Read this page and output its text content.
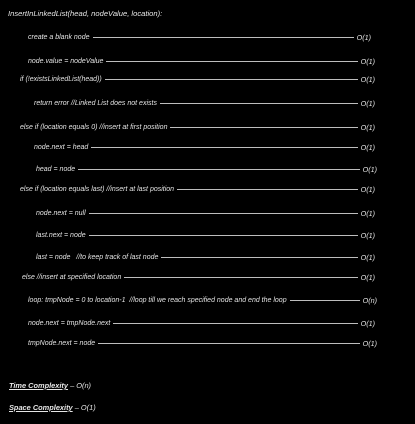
InsertInLinkedList(head, nodeValue, location):
create a blank node	O(1)
node.value = nodeValue	O(1)
if (!existsLinkedList(head))	O(1)
return error //Linked List does not exists	O(1)
else if (location equals 0) //insert at first position	O(1)
node.next = head	O(1)
head = node	O(1)
else if (location equals last) //insert at last position	O(1)
node.next = null	O(1)
last.next = node	O(1)
last = node   //to keep track of last node	O(1)
else //insert at specified location	O(1)
loop: tmpNode = 0 to location-1  //loop till we reach specified node and end the loop	O(n)
node.next = tmpNode.next	O(1)
tmpNode.next = node	O(1)
Time Complexity – O(n)
Space Complexity – O(1)
